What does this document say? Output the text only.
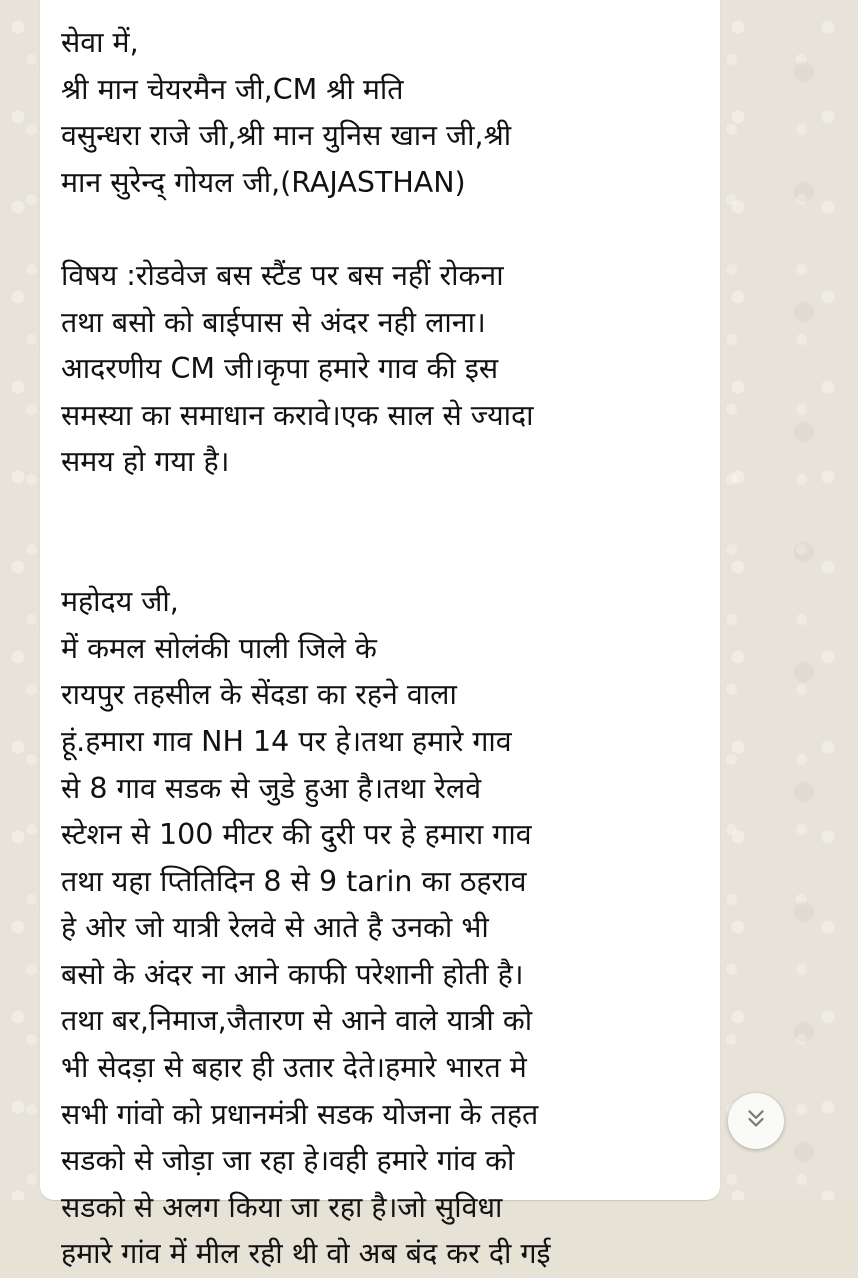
सेवा में,
श्री मान चेयरमैन जी,CM श्री मति
वसुन्धरा राजे जी,श्री मान युनिस खान जी,श्री
मान सुरेन्द् गोयल जी,(RAJASTHAN)

विषय :रोडवेज बस स्टैंड पर बस नहीं रोकना
तथा बसो को बाईपास से अंदर नही लाना।
आदरणीय CM जी।कृपा हमारे गाव की इस
समस्या का समाधान करावे।एक साल से ज्यादा
समय हो गया है।

महोदय जी,
में कमल सोलंकी पाली जिले के
रायपुर तहसील के सेंदडा का रहने वाला
हूं.हमारा गाव NH 14 पर हे।तथा हमारे गाव
से 8 गाव सडक से जुडे हुआ है।तथा रेलवे
स्टेशन से 100 मीटर की दुरी पर हे हमारा गाव
तथा यहा प्तितिदिन 8 से 9 tarin का ठहराव
हे ओर जो यात्री रेलवे से आते है उनको भी
बसो के अंदर ना आने काफी परेशानी होती है।
तथा बर,निमाज,जैतारण से आने वाले यात्री को
भी सेदड़ा से बहार ही उतार देते।हमारे भारत मे
सभी गांवो को प्रधानमंत्री सडक योजना के तहत
सडको से जोड़ा जा रहा हे।वही हमारे गांव को
सडको से अलग किया जा रहा है।जो सुविधा
हमारे गांव में मील रही थी वो अब बंद कर दी गई
